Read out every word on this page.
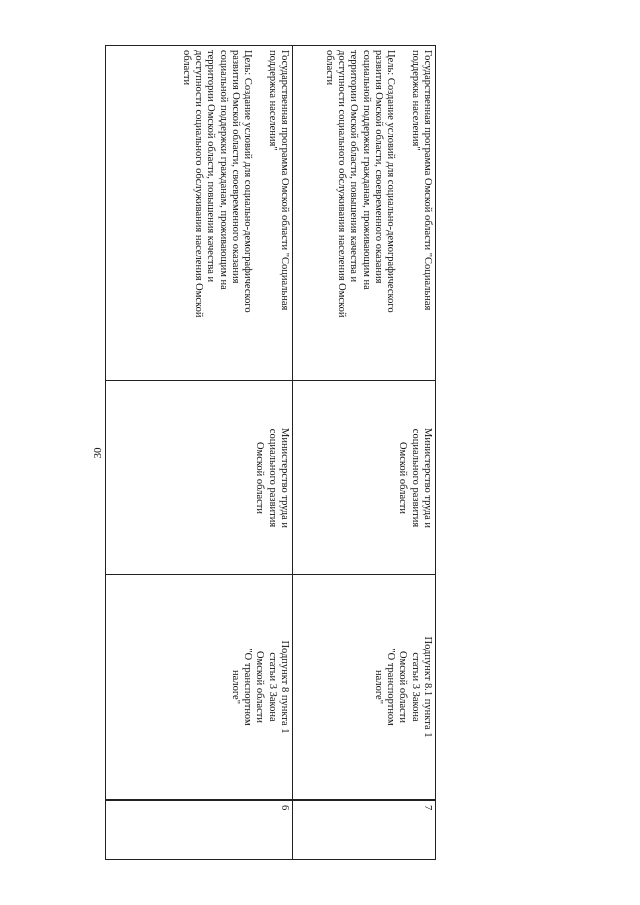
30
Государственная программа Омской области "Социальная
поддержка населения"

Цель: Создание условий для социально-демографического
развития Омской области, своевременного оказания
социальной поддержки гражданам, проживающим на
территории Омской области, повышения качества и
доступности социального обслуживания населения Омской
области	Государственная программа Омской области "Социальная
поддержка населения"

Цель: Создание условий для социально-демографического
развития Омской области, своевременного оказания
социальной поддержки гражданам, проживающим на
территории Омской области, повышения качества и
доступности социального обслуживания населения Омской
области
Министерство труда и
социального развития
Омской области
Министерство труда и
социального развития
Омской области
Подпункт 8 пункта 1
статьи 3 Закона
Омской области
"О транспортном
налоге"
Подпункт 8.1 пункта 1
статьи 3 Закона
Омской области
"О транспортном
налоге"
6	7
